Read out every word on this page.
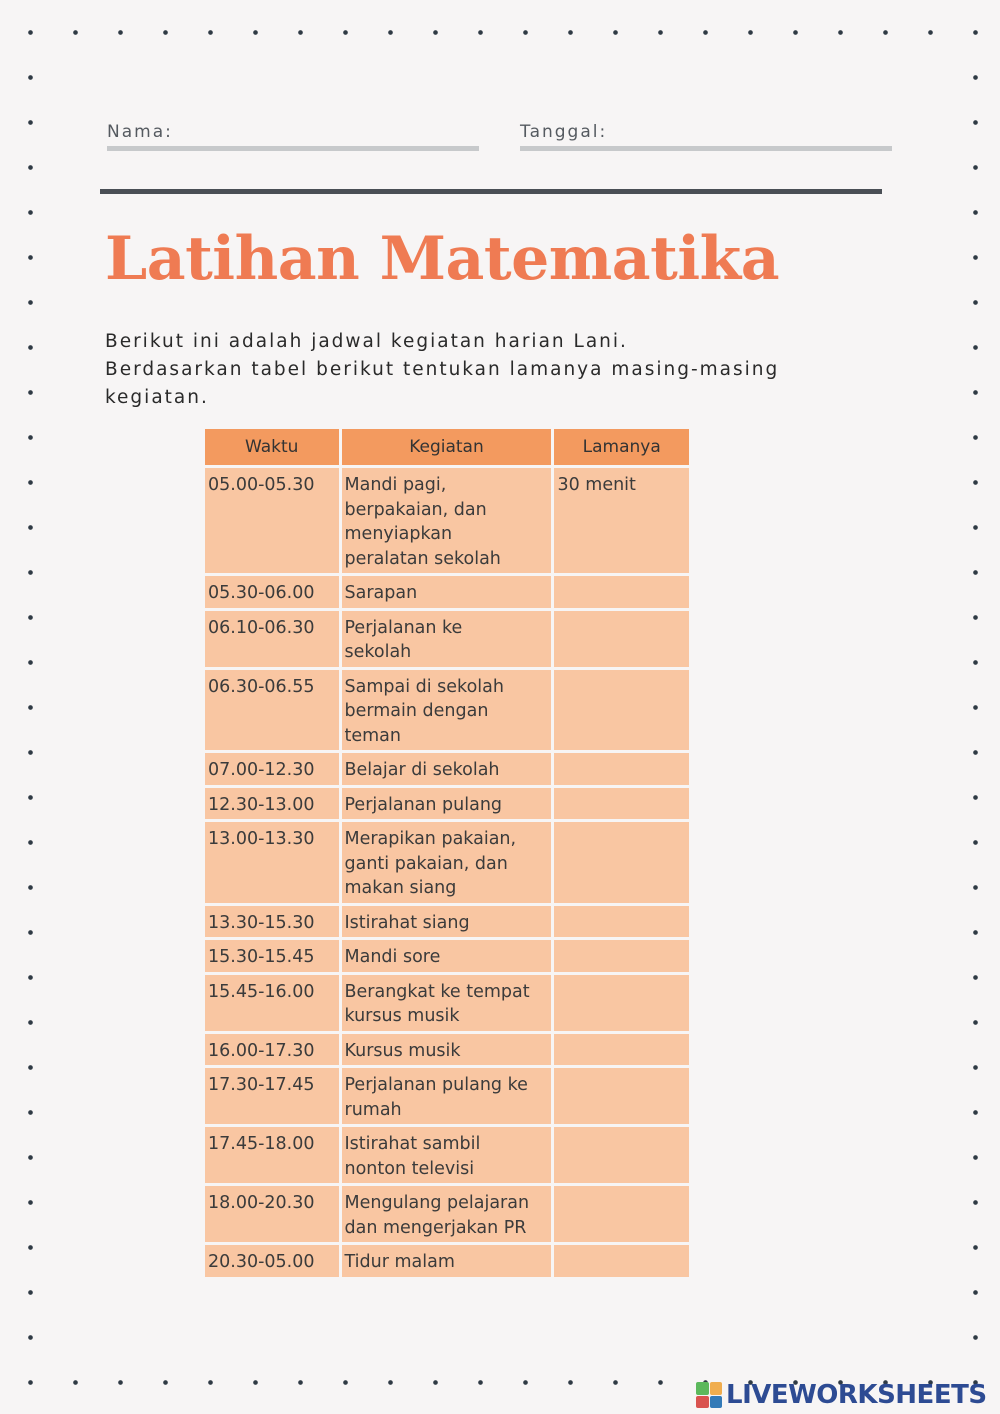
Nama:	Tanggal:
Latihan Matematika
Berikut ini adalah jadwal kegiatan harian Lani.
Berdasarkan tabel berikut tentukan lamanya masing-masing
kegiatan.
Waktu	Kegiatan	Lamanya
05.00-05.30	Mandi pagi,
berpakaian, dan
menyiapkan
peralatan sekolah	30 menit
05.30-06.00	Sarapan	

06.10-06.30	Perjalanan ke
sekolah	

06.30-06.55	Sampai di sekolah
bermain dengan
teman	

07.00-12.30	Belajar di sekolah	

12.30-13.00	Perjalanan pulang	

13.00-13.30	Merapikan pakaian,
ganti pakaian, dan
makan siang	

13.30-15.30	Istirahat siang	

15.30-15.45	Mandi sore	

15.45-16.00	Berangkat ke tempat
kursus musik	

16.00-17.30	Kursus musik	

17.30-17.45	Perjalanan pulang ke
rumah	

17.45-18.00	Istirahat sambil
nonton televisi	

18.00-20.30	Mengulang pelajaran
dan mengerjakan PR	

20.30-05.00	Tidur malam	

LIVEWORKSHEETS
